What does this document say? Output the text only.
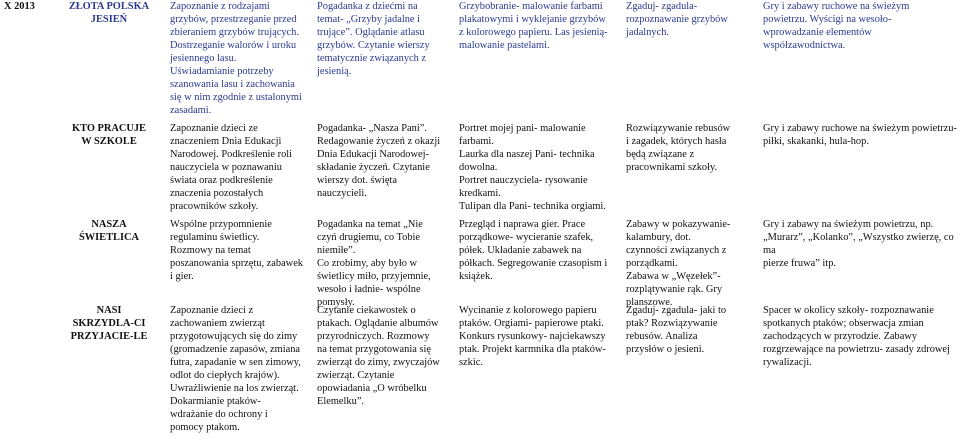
X 2013	ZŁOTA POLSKA
JESIEŃ
Zapoznanie z rodzajami
grzybów, przestrzeganie przed
zbieraniem grzybów trujących.
Dostrzeganie walorów i uroku
jesiennego lasu.
Uświadamianie potrzeby
szanowania lasu i zachowania
się w nim zgodnie z ustalonymi
zasadami.
Pogadanka z dziećmi na
temat- „Grzyby jadalne i
trujące”. Oglądanie atlasu
grzybów. Czytanie wierszy
tematycznie związanych z
jesienią.
Grzybobranie- malowanie farbami
plakatowymi i wyklejanie grzybów
z kolorowego papieru. Las jesienią-
malowanie pastelami.
Zgaduj- zgadula-
rozpoznawanie grzybów
jadalnych.
Gry i zabawy ruchowe na świeżym
powietrzu. Wyścigi na wesoło-
wprowadzanie elementów
współzawodnictwa.
KTO PRACUJE
W SZKOLE
Zapoznanie dzieci ze
znaczeniem Dnia Edukacji
Narodowej. Podkreślenie roli
nauczyciela w poznawaniu
świata oraz podkreślenie
znaczenia pozostałych
pracowników szkoły.
Pogadanka- „Nasza Pani”.
Redagowanie życzeń z okazji
Dnia Edukacji Narodowej-
składanie życzeń. Czytanie
wierszy dot. święta
nauczycieli.
Portret mojej pani- malowanie
farbami.
Laurka dla naszej Pani- technika
dowolna.
Portret nauczyciela- rysowanie
kredkami.
Tulipan dla Pani- technika orgiami.
Rozwiązywanie rebusów
i zagadek, których hasła
będą związane z
pracownikami szkoły.
Gry i zabawy ruchowe na świeżym powietrzu-
piłki, skakanki, hula-hop.
NASZA
ŚWIETLICA
Wspólne przypomnienie
regulaminu świetlicy.
Rozmowy na temat
poszanowania sprzętu, zabawek
i gier.
Pogadanka na temat „Nie
czyń drugiemu, co Tobie
niemiłe”.
Co zrobimy, aby było w
świetlicy miło, przyjemnie,
wesoło i ładnie- wspólne
pomysły.
Przegląd i naprawa gier. Prace
porządkowe- wycieranie szafek,
półek. Układanie zabawek na
półkach. Segregowanie czasopism i
książek.
Zabawy w pokazywanie-
kalambury, dot.
czynności związanych z
porządkami.
Zabawa w „Węzełek”-
rozplątywanie rąk. Gry
planszowe.
Gry i zabawy na świeżym powietrzu, np.
„Murarz”, „Kolanko”, „Wszystko zwierzę, co ma
pierze fruwa” itp.
NASI
SKRZYDLA-CI
PRZYJACIE-LE
Zapoznanie dzieci z
zachowaniem zwierząt
przygotowujących się do zimy
(gromadzenie zapasów, zmiana
futra, zapadanie w sen zimowy,
odlot do ciepłych krajów).
Uwrażliwienie na los zwierząt.
Dokarmianie ptaków-
wdrażanie do ochrony i
pomocy ptakom.
Czytanie ciekawostek o
ptakach. Oglądanie albumów
przyrodniczych. Rozmowy
na temat przygotowania się
zwierząt do zimy, zwyczajów
zwierząt. Czytanie
opowiadania „O wróbelku
Elemelku”.
Wycinanie z kolorowego papieru
ptaków. Orgiami- papierowe ptaki.
Konkurs rysunkowy- najciekawszy
ptak. Projekt karmnika dla ptaków-
szkic.
Zgaduj- zgadula- jaki to
ptak? Rozwiązywanie
rebusów. Analiza
przysłów o jesieni.
Spacer w okolicy szkoły- rozpoznawanie
spotkanych ptaków; obserwacja zmian
zachodzących w przyrodzie. Zabawy
rozgrzewające na powietrzu- zasady zdrowej
rywalizacji.
